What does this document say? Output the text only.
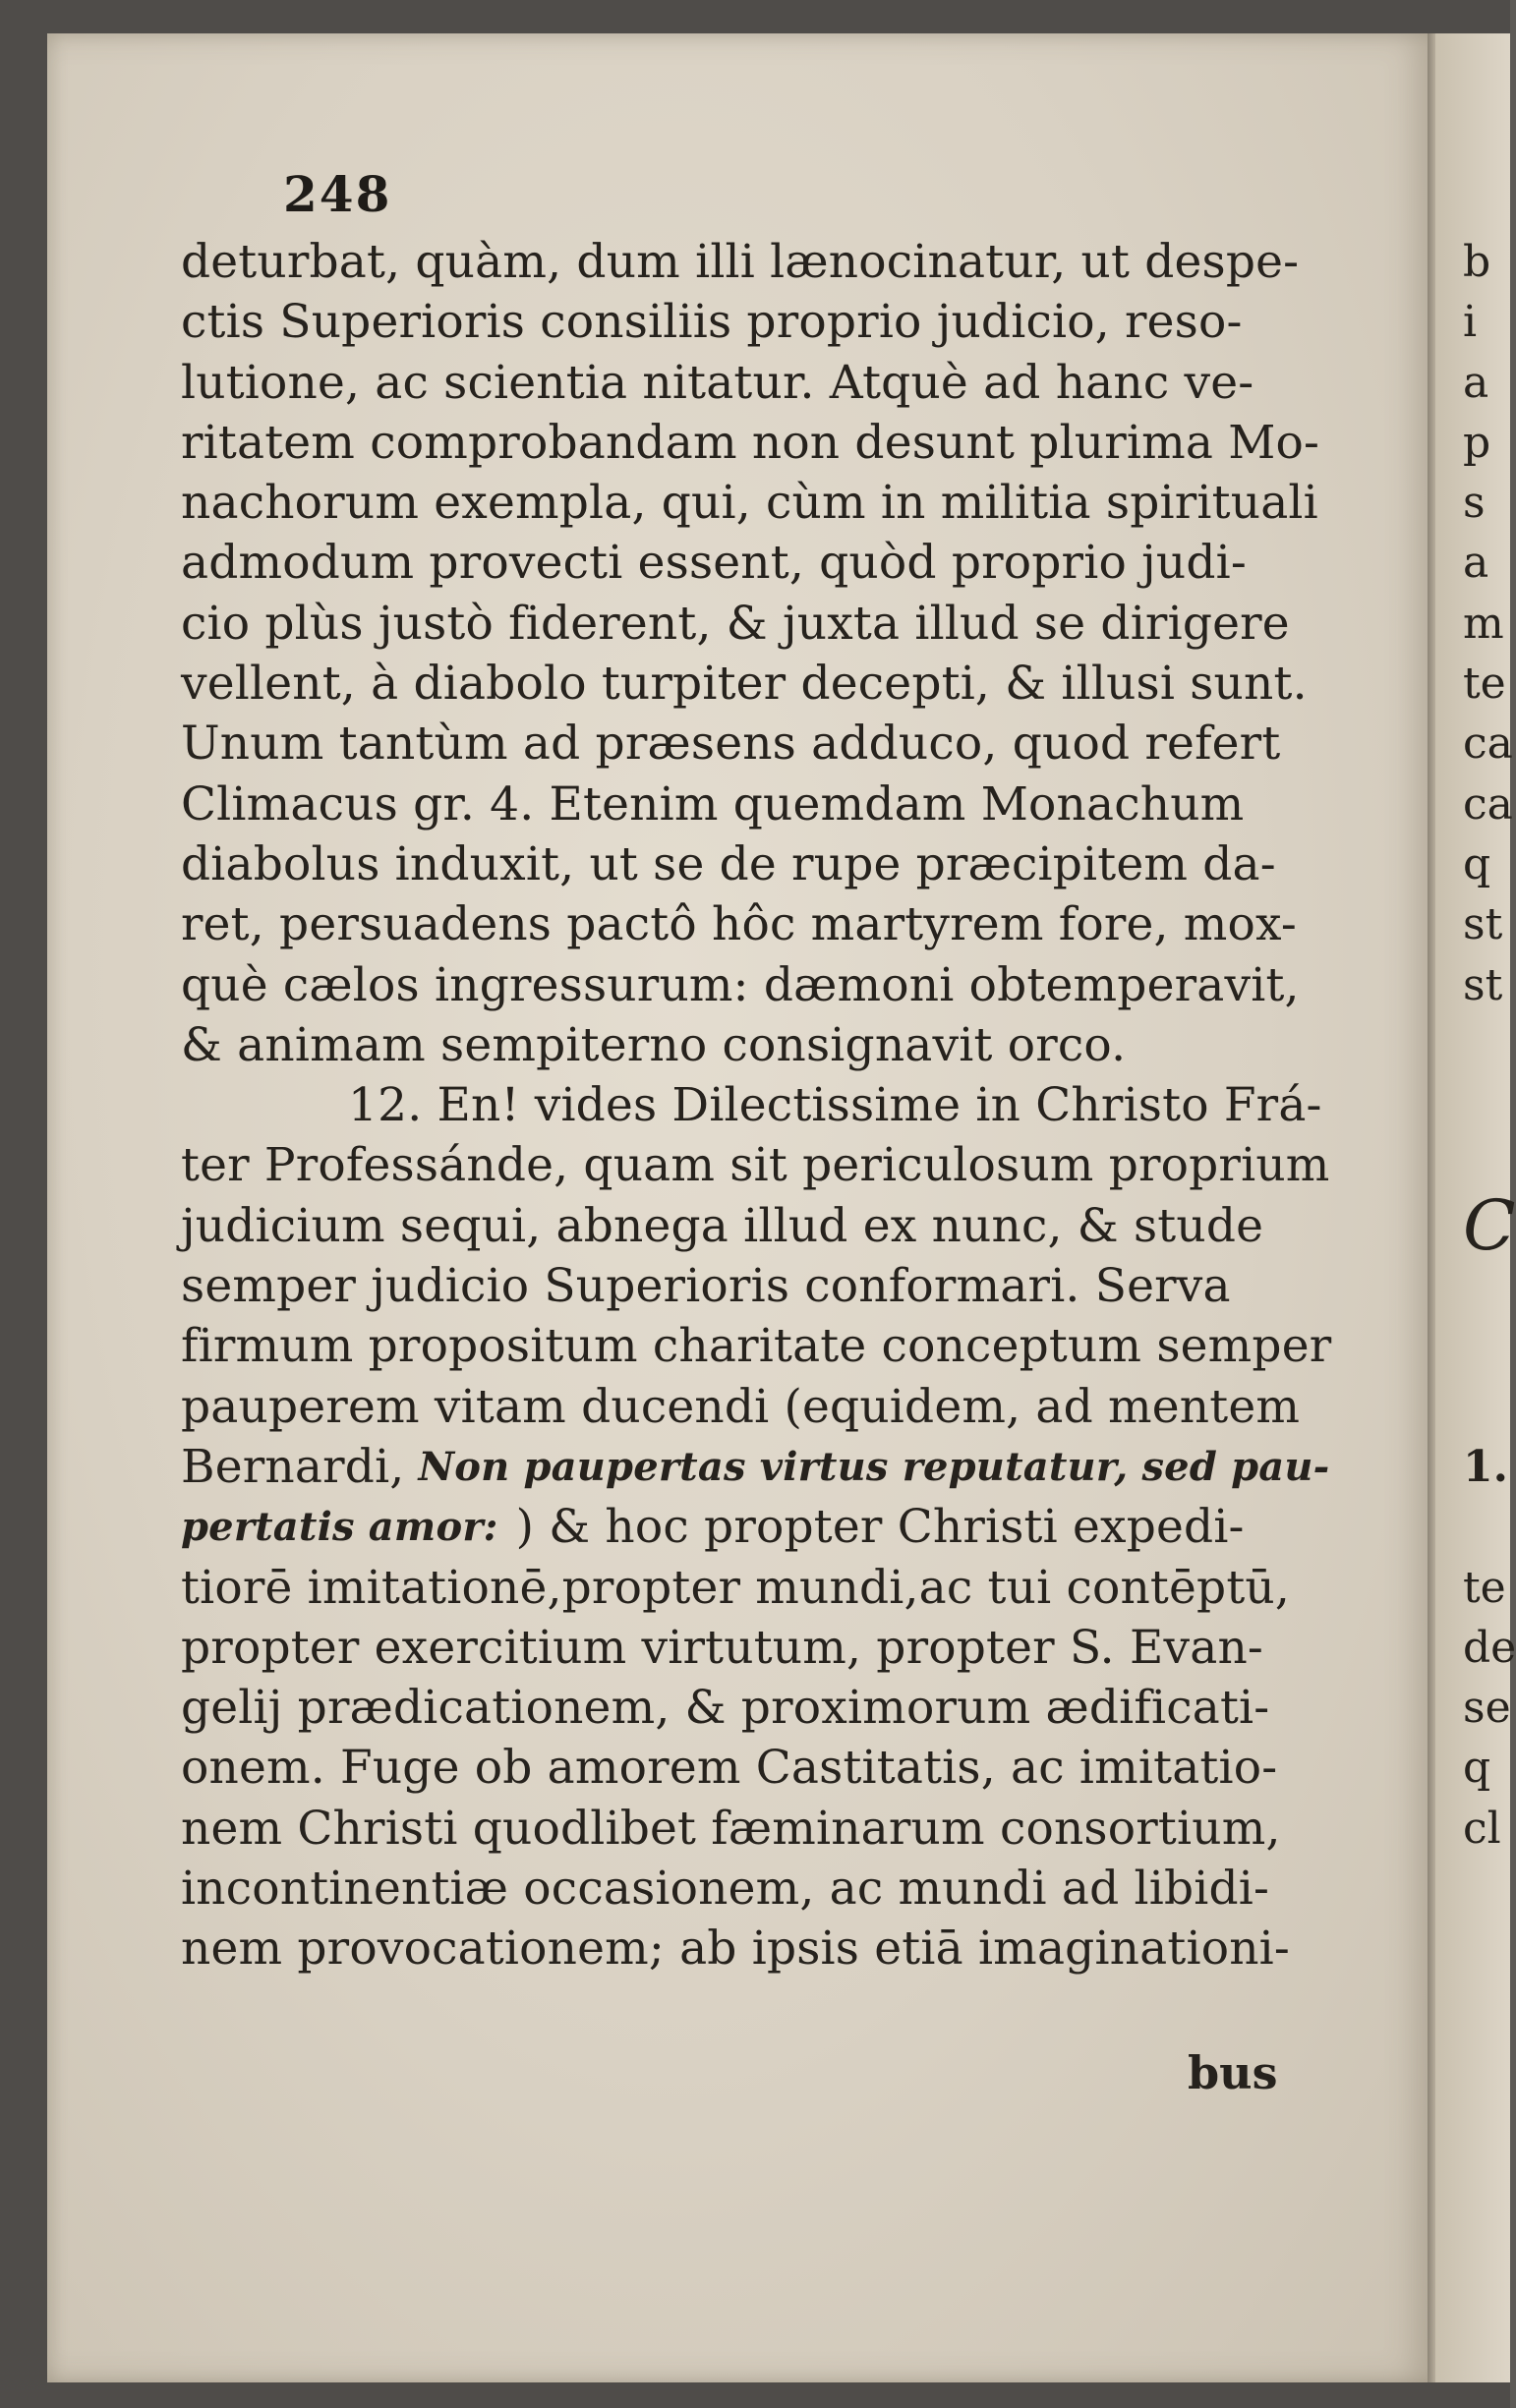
248
deturbat, quàm, dum illi lænocinatur, ut despe-
ctis Superioris consiliis proprio judicio, reso-
lutione, ac scientia nitatur. Atquè ad hanc ve-
ritatem comprobandam non desunt plurima Mo-
nachorum exempla, qui, cùm in militia spirituali
admodum provecti essent, quòd proprio judi-
cio plùs justò fiderent, & juxta illud se dirigere
vellent, à diabolo turpiter decepti, & illusi sunt.
Unum tantùm ad præsens adduco, quod refert
Climacus gr. 4. Etenim quemdam Monachum
diabolus induxit, ut se de rupe præcipitem da-
ret, persuadens pactô hôc martyrem fore, mox-
què cælos ingressurum: dæmoni obtemperavit,
& animam sempiterno consignavit orco.
12. En! vides Dilectissime in Christo Frá-
ter Professánde, quam sit periculosum proprium
judicium sequi, abnega illud ex nunc, & stude
semper judicio Superioris conformari. Serva
firmum propositum charitate conceptum semper
pauperem vitam ducendi (equidem, ad mentem
Bernardi, Non paupertas virtus reputatur, sed pau-
pertatis amor: ) & hoc propter Christi expedi-
tiorē imitationē,propter mundi,ac tui contēptū,
propter exercitium virtutum, propter S. Evan-
gelij prædicationem, & proximorum ædificati-
onem. Fuge ob amorem Castitatis, ac imitatio-
nem Christi quodlibet fæminarum consortium,
incontinentiæ occasionem, ac mundi ad libidi-
nem provocationem; ab ipsis etiā imaginationi-
bus
b
i
a
p
s
a
m
te
ca
ca
q
st
st
C
1.
te
de
se
q
cl
